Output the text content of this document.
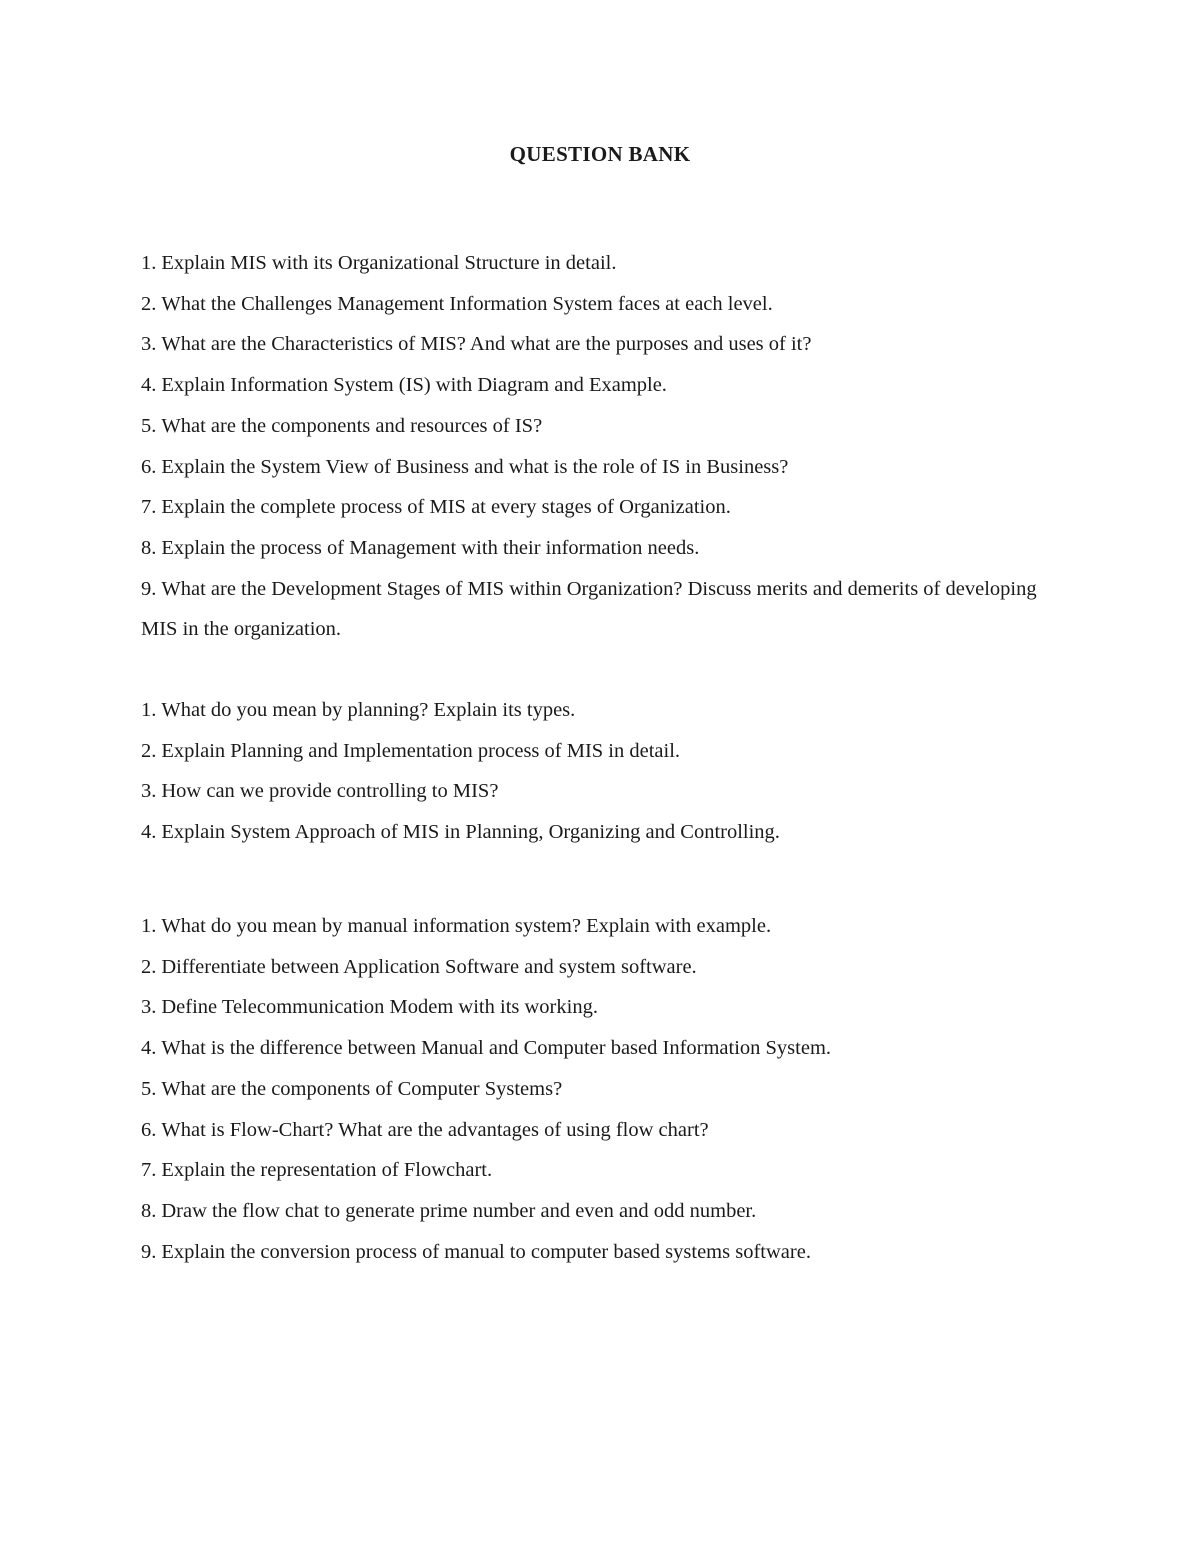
QUESTION BANK
1. Explain MIS with its Organizational Structure in detail.
2. What the Challenges Management Information System faces at each level.
3. What are the Characteristics of MIS? And what are the purposes and uses of it?
4. Explain Information System (IS) with Diagram and Example.
5. What are the components and resources of IS?
6. Explain the System View of Business and what is the role of IS in Business?
7. Explain the complete process of MIS at every stages of Organization.
8. Explain the process of Management with their information needs.
9. What are the Development Stages of MIS within Organization? Discuss merits and demerits of developing MIS in the organization.
1. What do you mean by planning? Explain its types.
2. Explain Planning and Implementation process of MIS in detail.
3. How can we provide controlling to MIS?
4. Explain System Approach of MIS in Planning, Organizing and Controlling.
1. What do you mean by manual information system? Explain with example.
2. Differentiate between Application Software and system software.
3. Define Telecommunication Modem with its working.
4. What is the difference between Manual and Computer based Information System.
5. What are the components of Computer Systems?
6. What is Flow-Chart? What are the advantages of using flow chart?
7. Explain the representation of Flowchart.
8. Draw the flow chat to generate prime number and even and odd number.
9. Explain the conversion process of manual to computer based systems software.
